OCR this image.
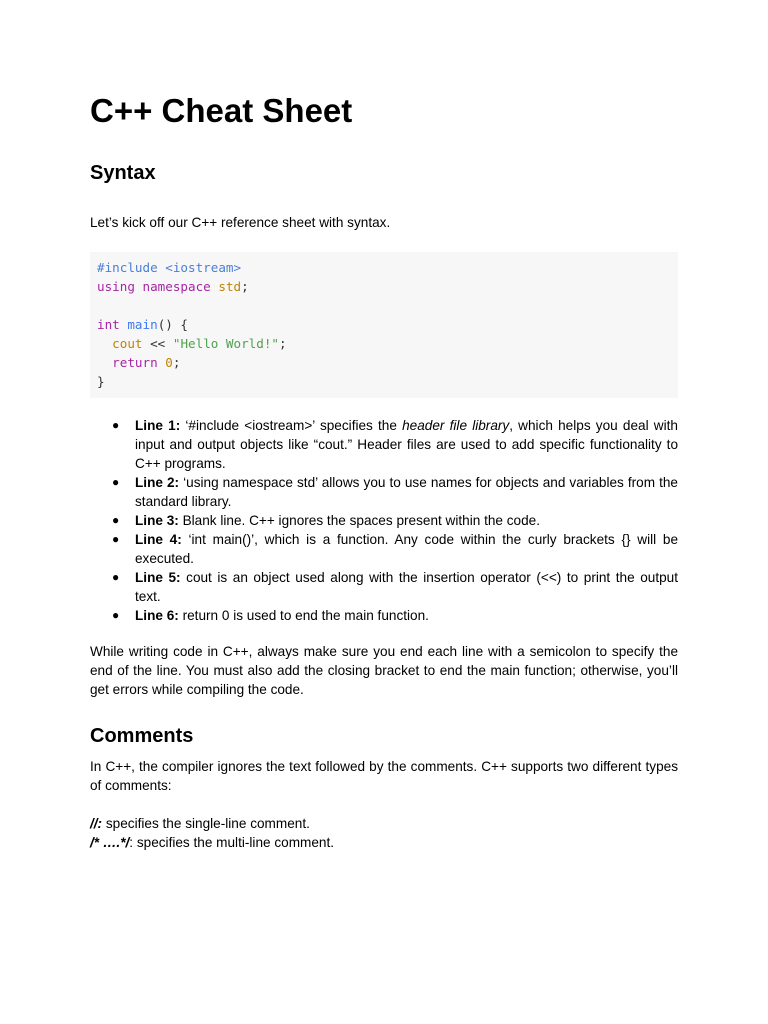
C++ Cheat Sheet
Syntax

Let’s kick off our C++ reference sheet with syntax.

#include <iostream>
using namespace std;
int main() {
cout << "Hello World!";
return 0;
}
● Line 1: ‘#include <iostream>’ specifies the header file library, which helps you deal with input and output objects like “cout.” Header files are used to add specific functionality to C++ programs.
● Line 2: ‘using namespace std’ allows you to use names for objects and variables from the standard library.
● Line 3: Blank line. C++ ignores the spaces present within the code.
● Line 4: ‘int main()’, which is a function. Any code within the curly brackets {} will be executed.
● Line 5: cout is an object used along with the insertion operator (<<) to print the output text.
● Line 6: return 0 is used to end the main function.

While writing code in C++, always make sure you end each line with a semicolon to specify the end of the line. You must also add the closing bracket to end the main function; otherwise, you’ll get errors while compiling the code.

Comments

In C++, the compiler ignores the text followed by the comments. C++ supports two different types of comments:

//: specifies the single-line comment.

/* ….*/: specifies the multi-line comment.
